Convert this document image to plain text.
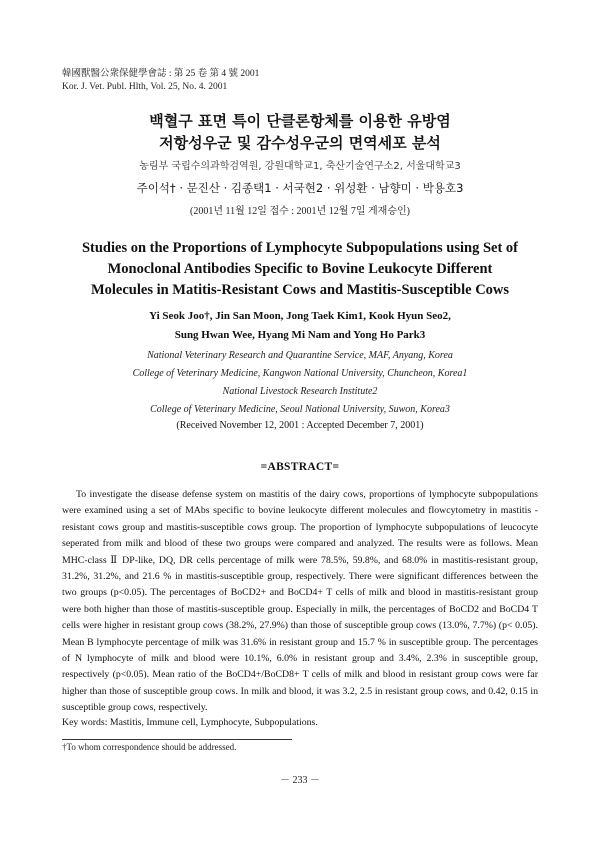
韓國獸醫公衆保健學會誌 : 第 25 卷 第 4 號 2001
Kor. J. Vet. Publ. Hlth, Vol. 25, No. 4. 2001
백혈구 표면 특이 단클론항체를 이용한 유방염
저항성우군 및 감수성우군의 면역세포 분석
농림부 국립수의과학검역원, 강원대학교1, 축산기술연구소2, 서울대학교3
주이석† · 문진산 · 김종택1 · 서국현2 · 위성환 · 남향미 · 박용호3
(2001년 11월 12일 접수 : 2001년 12월 7일 게재승인)
Studies on the Proportions of Lymphocyte Subpopulations using Set of
Monoclonal Antibodies Specific to Bovine Leukocyte Different
Molecules in Matitis-Resistant Cows and Mastitis-Susceptible Cows
Yi Seok Joo†, Jin San Moon, Jong Taek Kim1, Kook Hyun Seo2,
Sung Hwan Wee, Hyang Mi Nam and Yong Ho Park3
National Veterinary Research and Quarantine Service, MAF, Anyang, Korea
College of Veterinary Medicine, Kangwon National University, Chuncheon, Korea1
National Livestock Research Institute2
College of Veterinary Medicine, Seoul National University, Suwon, Korea3
(Received November 12, 2001 : Accepted December 7, 2001)
=ABSTRACT=

To investigate the disease defense system on mastitis of the dairy cows, proportions of lymphocyte subpopulations were examined using a set of MAbs specific to bovine leukocyte different molecules and flowcytometry in mastitis -resistant cows group and mastitis-susceptible cows group. The proportion of lymphocyte subpopulations of leucocyte seperated from milk and blood of these two groups were compared and analyzed. The results were as follows. Mean MHC-class Ⅱ DP-like, DQ, DR cells percentage of milk were 78.5%, 59.8%, and 68.0% in mastitis-resistant group, 31.2%, 31.2%, and 21.6 % in mastitis-susceptible group, respectively. There were significant differences between the two groups (p<0.05). The percentages of BoCD2+ and BoCD4+ T cells of milk and blood in mastitis-resistant group were both higher than those of mastitis-susceptible group. Especially in milk, the percentages of BoCD2 and BoCD4 T cells were higher in resistant group cows (38.2%, 27.9%) than those of susceptible group cows (13.0%, 7.7%) (p< 0.05). Mean B lymphocyte percentage of milk was 31.6% in resistant group and 15.7 % in susceptible group. The percentages of N lymphocyte of milk and blood were 10.1%, 6.0% in resistant group and 3.4%, 2.3% in susceptible group, respectively (p<0.05). Mean ratio of the BoCD4+/BoCD8+ T cells of milk and blood in resistant group cows were far higher than those of susceptible group cows. In milk and blood, it was 3.2, 2.5 in resistant group cows, and 0.42, 0.15 in susceptible group cows, respectively.

Key words: Mastitis, Immune cell, Lymphocyte, Subpopulations.
†To whom correspondence should be addressed.
－ 233 －
